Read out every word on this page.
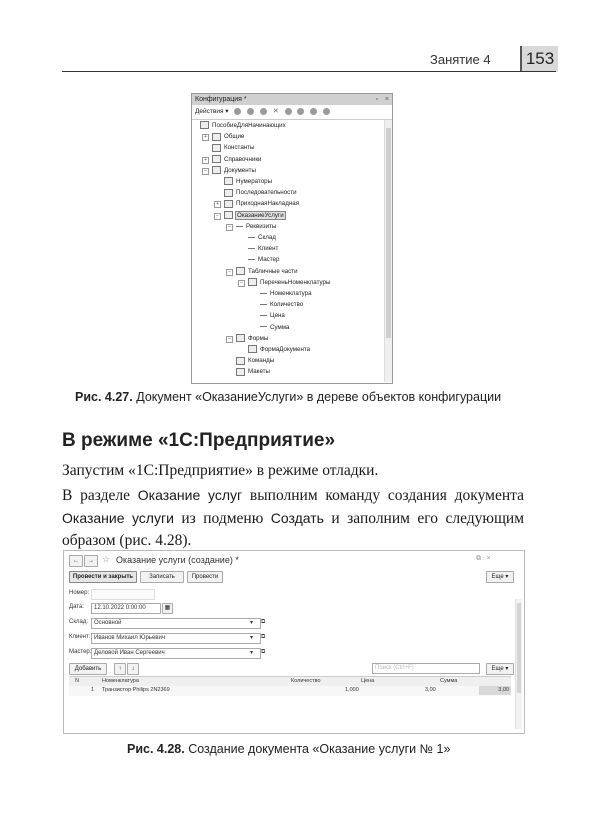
Занятие 4	153
Конфигурация *	▫ ×
Действия ▾	✕
ПособиеДляНачинающих
+	Общие
Константы
+	Справочники
−	Документы
Нумераторы
Последовательности
+	ПриходнаяНакладная
−	ОказаниеУслуги
−	Реквизиты
Склад
Клиент
Мастер
−	Табличные части
−	ПереченьНоменклатуры
Номенклатура
Количество
Цена
Сумма
−	Формы
ФормаДокумента
Команды
Макеты
Рис. 4.27. Документ «ОказаниеУслуги» в дереве объектов конфигурации
В режиме «1С:Предприятие»
Запустим «1С:Предприятие» в режиме отладки.
В разделе Оказание услуг выполним команду создания документа Оказание услуги из подменю Создать и заполним его следующим образом (рис. 4.28).
←	→ ☆ Оказание услуги (создание) *	⧉ ⋮ ×
Провести и закрыть	Записать	Провести	Еще ▾
Номер:
Дата:	12.10.2022 0:00:00	▦
Склад: Основной	▾ ⧉
Клиент: Иванов Михаил Юрьевич	▾ ⧉
Мастер: Деловой Иван Сергеевич	▾ ⧉
Добавить	↑	↓	Поиск (Ctrl+F)	Еще ▾
N	Номенклатура	Количество	Цена	Сумма
1 Транзистор Philips 2N2369	1,000	3,00	3,00
Рис. 4.28. Создание документа «Оказание услуги № 1»
